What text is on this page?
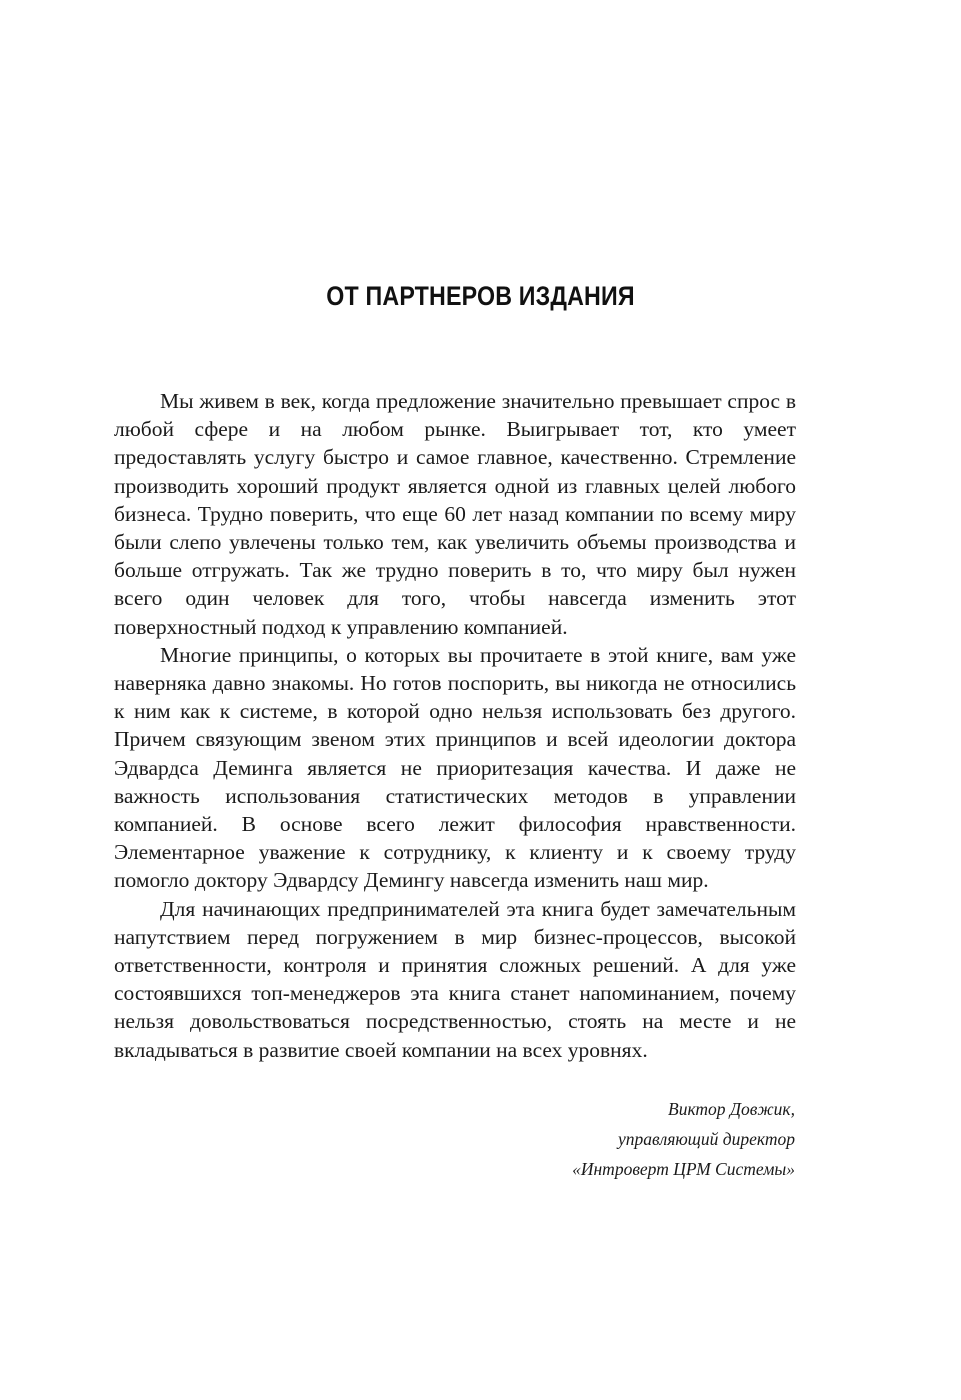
ОТ ПАРТНЕРОВ ИЗДАНИЯ

Мы живем в век, когда предложение значительно превышает спрос в любой сфере и на любом рынке. Выигрывает тот, кто умеет предоставлять услугу быстро и самое главное, качественно. Стремление производить хороший продукт является одной из главных целей любого бизнеса. Трудно поверить, что еще 60 лет назад компании по всему миру были слепо увлечены только тем, как увеличить объемы производства и больше отгружать. Так же трудно поверить в то, что миру был нужен всего один человек для того, чтобы навсегда изменить этот поверхностный подход к управлению компанией.

Многие принципы, о которых вы прочитаете в этой книге, вам уже наверняка давно знакомы. Но готов поспорить, вы никогда не относились к ним как к системе, в которой одно нельзя использовать без другого. Причем связующим звеном этих принципов и всей идеологии доктора Эдвардса Деминга является не приоритезация качества. И даже не важность использования статистических методов в управлении компанией. В основе всего лежит философия нравственности. Элементарное уважение к сотруднику, к клиенту и к своему труду помогло доктору Эдвардсу Демингу навсегда изменить наш мир.

Для начинающих предпринимателей эта книга будет замечательным напутствием перед погружением в мир бизнес-процессов, высокой ответственности, контроля и принятия сложных решений. А для уже состоявшихся топ-менеджеров эта книга станет напоминанием, почему нельзя довольствоваться посредственностью, стоять на месте и не вкладываться в развитие своей компании на всех уровнях.

Виктор Довжик,
управляющий директор
«Интроверт ЦРМ Системы»
